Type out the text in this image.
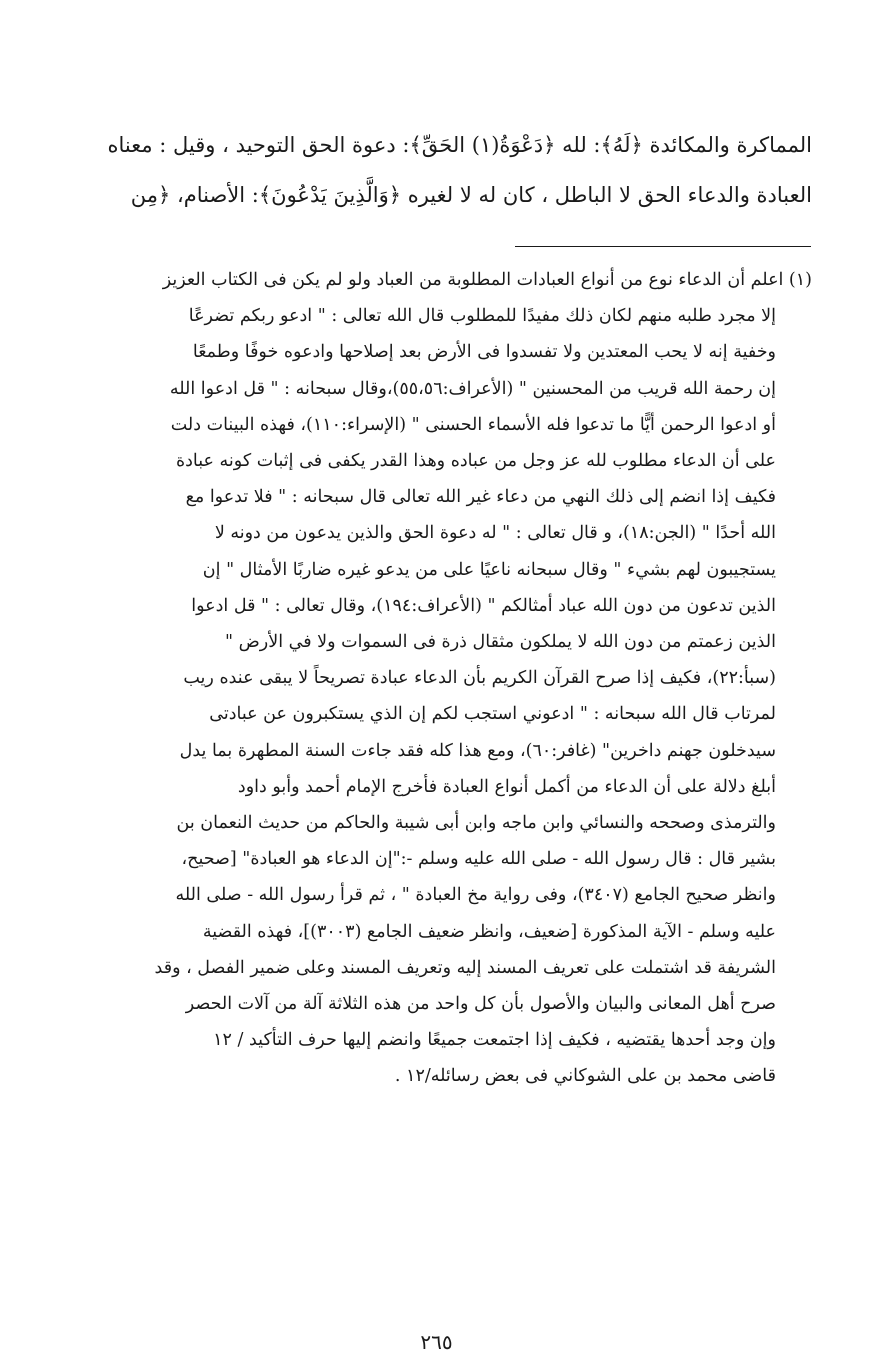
المماكرة والمكائدة ﴿لَهُ﴾: لله ﴿دَعْوَةُ(١) الحَقِّ﴾: دعوة الحق التوحيد ، وقيل : معناه
العبادة والدعاء الحق لا الباطل ، كان له لا لغيره ﴿وَالَّذِينَ يَدْعُونَ﴾: الأصنام، ﴿مِن
(١) اعلم أن الدعاء نوع من أنواع العبادات المطلوبة من العباد ولو لم يكن فى الكتاب العزيز
إلا مجرد طلبه منهم لكان ذلك مفيدًا للمطلوب قال الله تعالى : " ادعو ربكم تضرعًا
وخفية إنه لا يحب المعتدين ولا تفسدوا فى الأرض بعد إصلاحها وادعوه خوفًا وطمعًا
إن رحمة الله قريب من المحسنين " (الأعراف:٥٥،٥٦)،وقال سبحانه : " قل ادعوا الله
أو ادعوا الرحمن أيًّا ما تدعوا فله الأسماء الحسنى " (الإسراء:١١٠)، فهذه البينات دلت
على أن الدعاء مطلوب لله عز وجل من عباده وهذا القدر يكفى فى إثبات كونه عبادة
فكيف إذا انضم إلى ذلك النهي من دعاء غير الله تعالى قال سبحانه : " فلا تدعوا مع
الله أحدًا " (الجن:١٨)، و قال تعالى : " له دعوة الحق والذين يدعون من دونه لا
يستجيبون لهم بشيء " وقال سبحانه ناعيًا على من يدعو غيره ضاربًا الأمثال " إن
الذين تدعون من دون الله عباد أمثالكم " (الأعراف:١٩٤)، وقال تعالى : " قل ادعوا
الذين زعمتم من دون الله لا يملكون مثقال ذرة فى السموات ولا في الأرض "
(سبأ:٢٢)، فكيف إذا صرح القرآن الكريم بأن الدعاء عبادة تصريحاً لا يبقى عنده ريب
لمرتاب قال الله سبحانه : " ادعوني استجب لكم إن الذي يستكبرون عن عبادتى
سيدخلون جهنم داخرين" (غافر:٦٠)، ومع هذا كله فقد جاءت السنة المطهرة بما يدل
أبلغ دلالة على أن الدعاء من أكمل أنواع العبادة فأخرج الإمام أحمد وأبو داود
والترمذى وصححه والنسائي وابن ماجه وابن أبى شيبة والحاكم من حديث النعمان بن
بشير قال : قال رسول الله - صلى الله عليه وسلم -:"إن الدعاء هو العبادة" [صحيح،
وانظر صحيح الجامع (٣٤٠٧)، وفى رواية مخ العبادة " ، ثم قرأ رسول الله - صلى الله
عليه وسلم - الآية المذكورة [ضعيف، وانظر ضعيف الجامع (٣٠٠٣)]، فهذه القضية
الشريفة قد اشتملت على تعريف المسند إليه وتعريف المسند وعلى ضمير الفصل ، وقد
صرح أهل المعانى والبيان والأصول بأن كل واحد من هذه الثلاثة آلة من آلات الحصر
وإن وجد أحدها يقتضيه ، فكيف إذا اجتمعت جميعًا وانضم إليها حرف التأكيد / ١٢
قاضى محمد بن على الشوكاني فى بعض رسائله/١٢ .
٢٦٥
